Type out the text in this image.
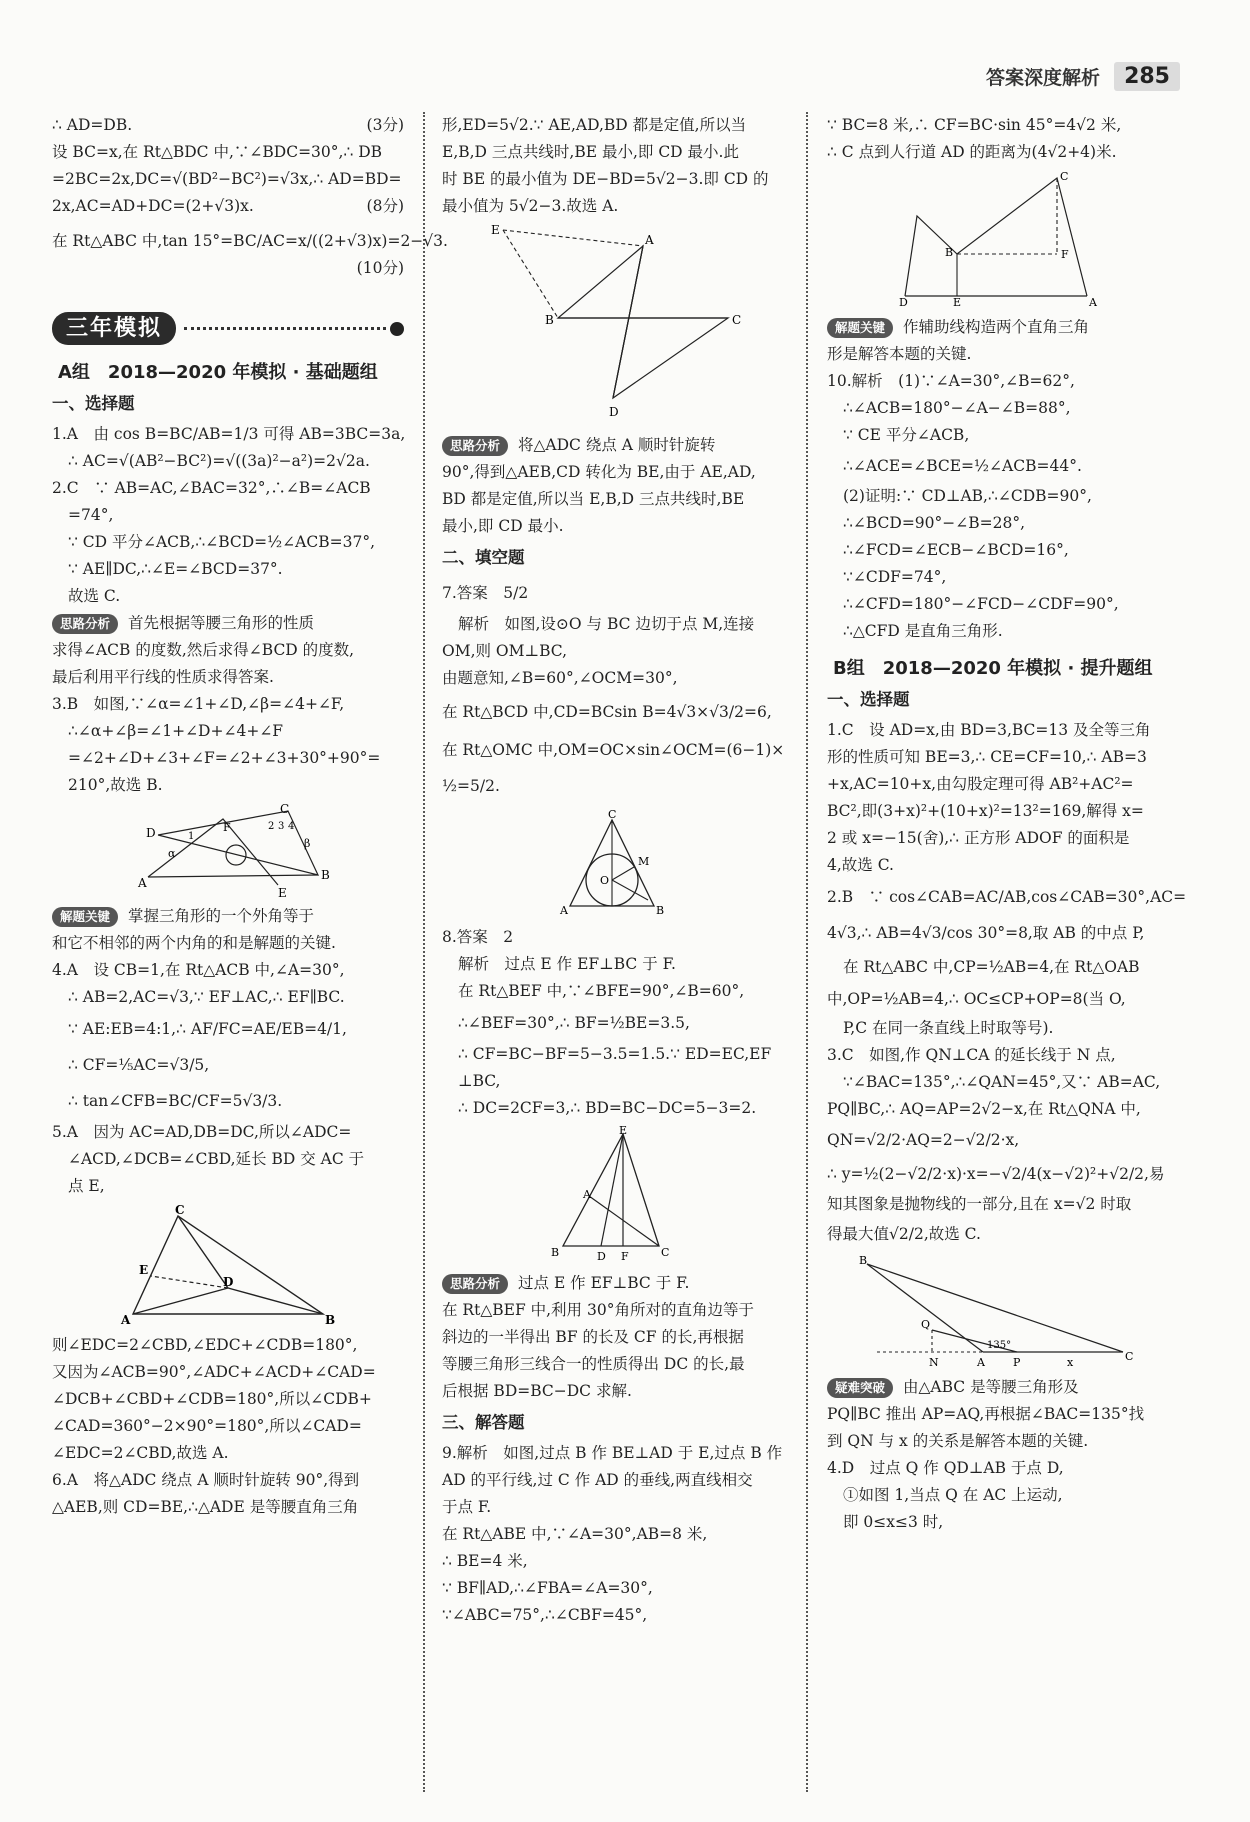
答案深度解析	285

∴ AD=DB.	(3分)

设 BC=x,在 Rt△BDC 中,∵∠BDC=30°,∴ DB

=2BC=2x,DC=√(BD²−BC²)=√3x,∴ AD=BD=

2x,AC=AD+DC=(2+√3)x.	(8分)

在 Rt△ABC 中,tan 15°=BC/AC=x/((2+√3)x)=2−√3.

(10分)

三年模拟
A组　2018—2020 年模拟 · 基础题组
一、选择题

1.A　由 cos B=BC/AB=1/3 可得 AB=3BC=3a,

∴ AC=√(AB²−BC²)=√((3a)²−a²)=2√2a.

2.C　∵ AB=AC,∠BAC=32°,∴∠B=∠ACB

=74°,

∵ CD 平分∠ACB,∴∠BCD=½∠ACB=37°,

∵ AE∥DC,∴∠E=∠BCD=37°.

故选 C.

思路分析 首先根据等腰三角形的性质

求得∠ACB 的度数,然后求得∠BCD 的度数,

最后利用平行线的性质求得答案.

3.B　如图,∵∠α=∠1+∠D,∠β=∠4+∠F,

∴∠α+∠β=∠1+∠D+∠4+∠F

=∠2+∠D+∠3+∠F=∠2+∠3+30°+90°=

210°,故选 B.

C
D
A
B
E
F
α
β
1
2 3 4

解题关键 掌握三角形的一个外角等于

和它不相邻的两个内角的和是解题的关键.

4.A　设 CB=1,在 Rt△ACB 中,∠A=30°,

∴ AB=2,AC=√3,∵ EF⊥AC,∴ EF∥BC.

∵ AE:EB=4:1,∴ AF/FC=AE/EB=4/1,

∴ CF=⅕AC=√3/5,

∴ tan∠CFB=BC/CF=5√3/3.

5.A　因为 AC=AD,DB=DC,所以∠ADC=

∠ACD,∠DCB=∠CBD,延长 BD 交 AC 于

点 E,

C
E
D
A	B

则∠EDC=2∠CBD,∠EDC+∠CDB=180°,

又因为∠ACB=90°,∠ADC+∠ACD+∠CAD=

∠DCB+∠CBD+∠CDB=180°,所以∠CDB+

∠CAD=360°−2×90°=180°,所以∠CAD=

∠EDC=2∠CBD,故选 A.

6.A　将△ADC 绕点 A 顺时针旋转 90°,得到

△AEB,则 CD=BE,∴△ADE 是等腰直角三角

形,ED=5√2.∵ AE,AD,BD 都是定值,所以当

E,B,D 三点共线时,BE 最小,即 CD 最小.此

时 BE 的最小值为 DE−BD=5√2−3.即 CD 的

最小值为 5√2−3.故选 A.

E
A
B	C
D

思路分析 将△ADC 绕点 A 顺时针旋转

90°,得到△AEB,CD 转化为 BE,由于 AE,AD,

BD 都是定值,所以当 E,B,D 三点共线时,BE

最小,即 CD 最小.

二、填空题

7.答案　5/2

解析　如图,设⊙O 与 BC 边切于点 M,连接

OM,则 OM⊥BC,

由题意知,∠B=60°,∠OCM=30°,

在 Rt△BCD 中,CD=BCsin B=4√3×√3/2=6,

在 Rt△OMC 中,OM=OC×sin∠OCM=(6−1)×

½=5/2.

C
M
O
A	B

8.答案　2

解析　过点 E 作 EF⊥BC 于 F.

在 Rt△BEF 中,∵∠BFE=90°,∠B=60°,

∴∠BEF=30°,∴ BF=½BE=3.5,

∴ CF=BC−BF=5−3.5=1.5.∵ ED=EC,EF

⊥BC,

∴ DC=2CF=3,∴ BD=BC−DC=5−3=2.

E
A
B	D F	C

思路分析 过点 E 作 EF⊥BC 于 F.

在 Rt△BEF 中,利用 30°角所对的直角边等于

斜边的一半得出 BF 的长及 CF 的长,再根据

等腰三角形三线合一的性质得出 DC 的长,最

后根据 BD=BC−DC 求解.

三、解答题

9.解析　如图,过点 B 作 BE⊥AD 于 E,过点 B 作

AD 的平行线,过 C 作 AD 的垂线,两直线相交

于点 F.

在 Rt△ABE 中,∵∠A=30°,AB=8 米,

∴ BE=4 米,

∵ BF∥AD,∴∠FBA=∠A=30°,

∵∠ABC=75°,∴∠CBF=45°,

∵ BC=8 米,∴ CF=BC·sin 45°=4√2 米,

∴ C 点到人行道 AD 的距离为(4√2+4)米.

C
B	F
D	E	A

解题关键 作辅助线构造两个直角三角

形是解答本题的关键.

10.解析　(1)∵∠A=30°,∠B=62°,

∴∠ACB=180°−∠A−∠B=88°,

∵ CE 平分∠ACB,

∴∠ACE=∠BCE=½∠ACB=44°.

(2)证明:∵ CD⊥AB,∴∠CDB=90°,

∴∠BCD=90°−∠B=28°,

∴∠FCD=∠ECB−∠BCD=16°,

∵∠CDF=74°,

∴∠CFD=180°−∠FCD−∠CDF=90°,

∴△CFD 是直角三角形.

B组　2018—2020 年模拟 · 提升题组
一、选择题

1.C　设 AD=x,由 BD=3,BC=13 及全等三角

形的性质可知 BE=3,∴ CE=CF=10,∴ AB=3

+x,AC=10+x,由勾股定理可得 AB²+AC²=

BC²,即(3+x)²+(10+x)²=13²=169,解得 x=

2 或 x=−15(舍),∴ 正方形 ADOF 的面积是

4,故选 C.

2.B　∵ cos∠CAB=AC/AB,cos∠CAB=30°,AC=

4√3,∴ AB=4√3/cos 30°=8,取 AB 的中点 P,

在 Rt△ABC 中,CP=½AB=4,在 Rt△OAB

中,OP=½AB=4,∴ OC≤CP+OP=8(当 O,

P,C 在同一条直线上时取等号).

3.C　如图,作 QN⊥CA 的延长线于 N 点,

∵∠BAC=135°,∴∠QAN=45°,又∵ AB=AC,

PQ∥BC,∴ AQ=AP=2√2−x,在 Rt△QNA 中,

QN=√2/2·AQ=2−√2/2·x,

∴ y=½(2−√2/2·x)·x=−√2/4(x−√2)²+√2/2,易

知其图象是抛物线的一部分,且在 x=√2 时取

得最大值√2/2,故选 C.

B
Q
N	A	P	C
x
135°

疑难突破 由△ABC 是等腰三角形及

PQ∥BC 推出 AP=AQ,再根据∠BAC=135°找

到 QN 与 x 的关系是解答本题的关键.

4.D　过点 Q 作 QD⊥AB 于点 D,

①如图 1,当点 Q 在 AC 上运动,

即 0≤x≤3 时,
